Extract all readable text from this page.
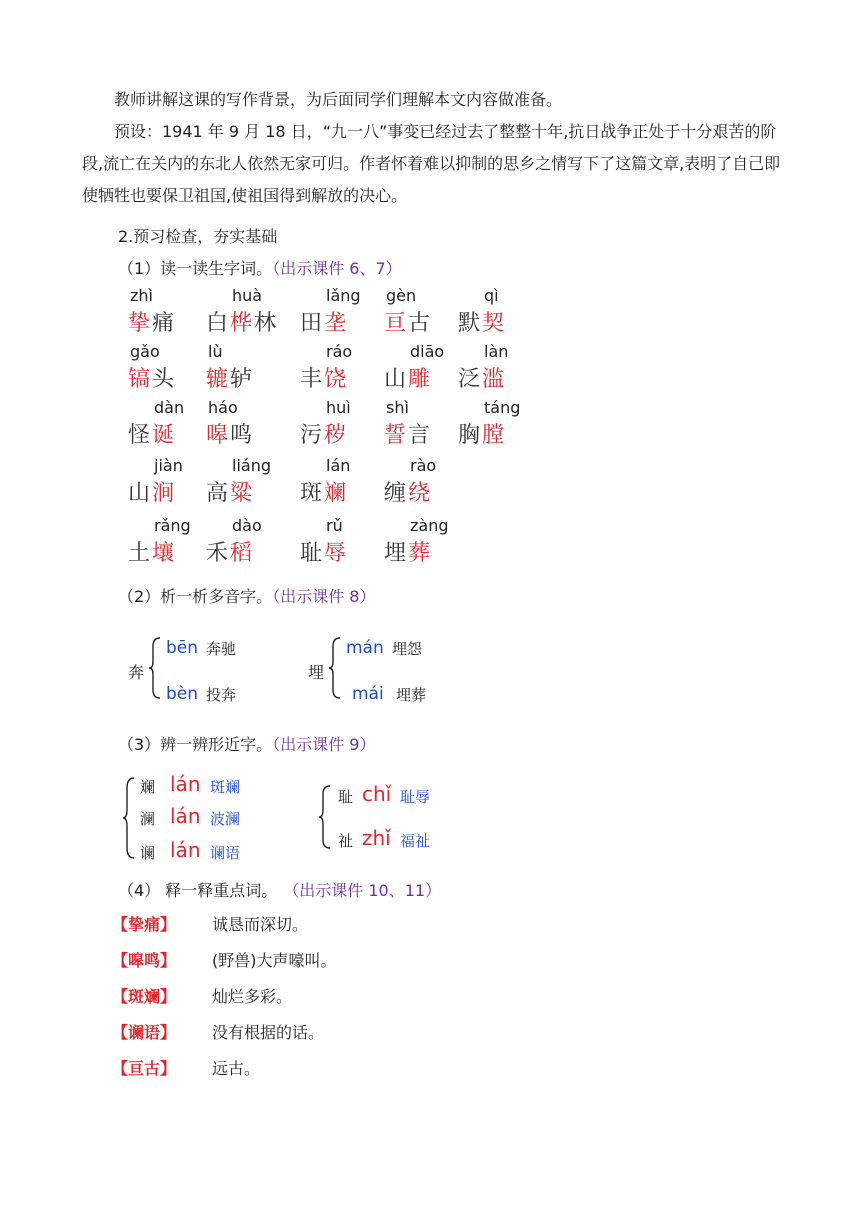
教师讲解这课的写作背景，为后面同学们理解本文内容做准备。

预设：1941 年 9 月 18 日，“九一八”事变已经过去了整整十年,抗日战争正处于十分艰苦的阶段,流亡在关内的东北人依然无家可归。作者怀着难以抑制的思乡之情写下了这篇文章,表明了自己即使牺牲也要保卫祖国,使祖国得到解放的决心。

2.预习检查，夯实基础
（1）读一读生字词。（出示课件 6、7）
zhì
挚痛
huà
白桦林
lǎng
田垄
gèn
亘古
qì
默契
gǎo
镐头
lù
辘轳
ráo
丰饶
diāo
山雕
làn
泛滥
dàn
怪诞
háo
嗥鸣
huì
污秽
shì
誓言
táng
胸膛
jiàn
山涧
liáng
高粱
lán
斑斓
rào
缠绕
rǎng
土壤
dào
禾稻
rǔ
耻辱
zàng
埋葬
（2）析一析多音字。（出示课件 8）
奔
bēn 奔驰
bèn 投奔
埋
mán 埋怨
mái 埋葬
（3）辨一辨形近字。（出示课件 9）
斓 lán 斑斓
澜 lán 波澜
谰 lán 谰语
耻 chǐ 耻辱
祉 zhǐ 福祉
（4） 释一释重点词。 （出示课件 10、11）
【挚痛】 诚恳而深切。
【嗥鸣】 (野兽)大声嚎叫。
【斑斓】 灿烂多彩。
【谰语】 没有根据的话。
【亘古】 远古。
